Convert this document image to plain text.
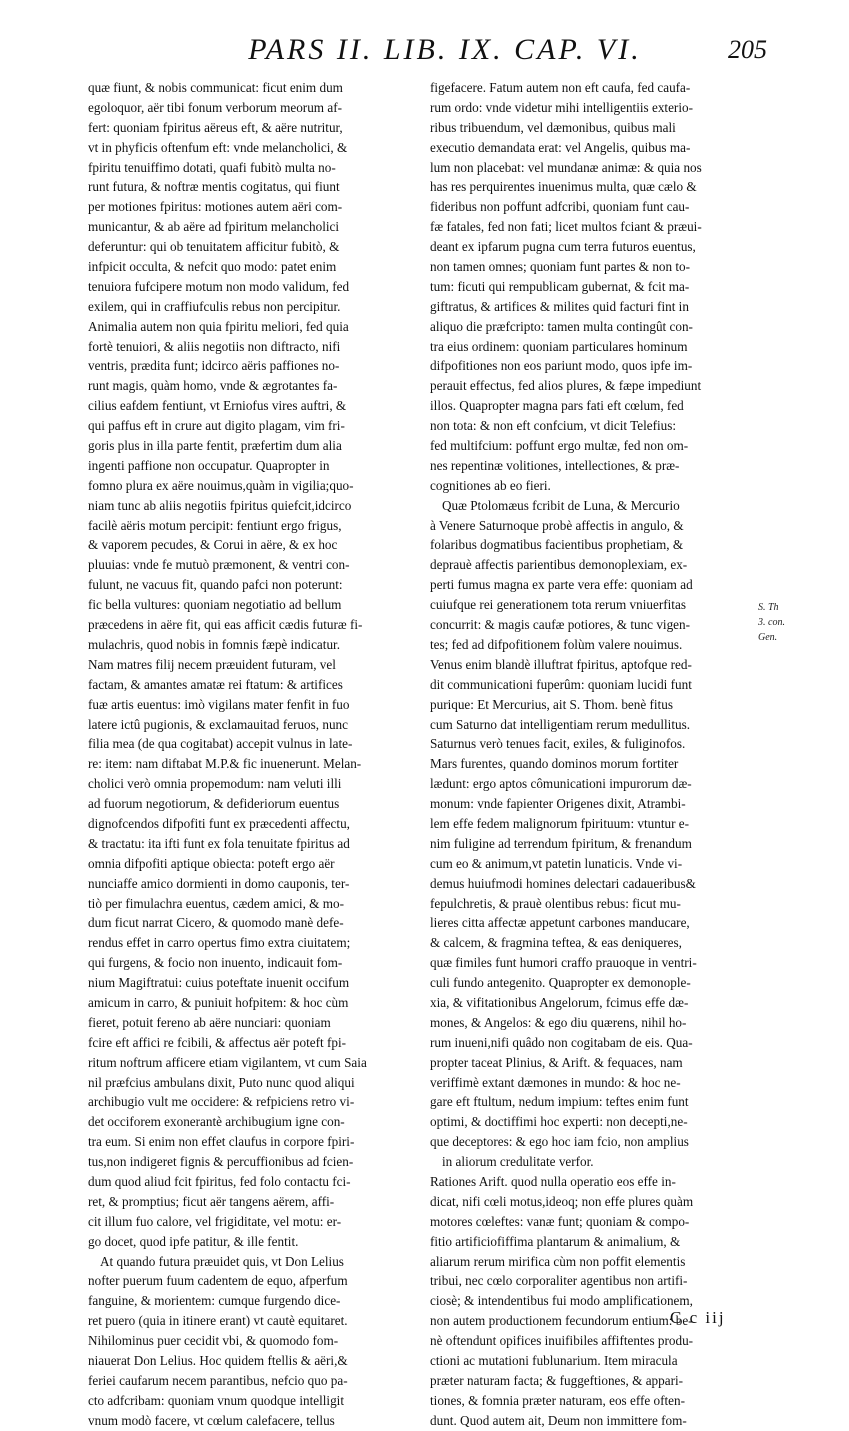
PARS II. LIB. IX. CAP. VI.	205
quæ fiunt, & nobis communicat: ficut enim dum
egoloquor, aër tibi fonum verborum meorum af-
fert: quoniam fpiritus aëreus eft, & aëre nutritur,
vt in phyficis oftenfum eft: vnde melancholici, &
fpiritu tenuiffimo dotati, quafi fubitò multa no-
runt futura, & noftræ mentis cogitatus, qui fiunt
per motiones fpiritus: motiones autem aëri com-
municantur, & ab aëre ad fpiritum melancholici
deferuntur: qui ob tenuitatem afficitur fubitò, &
infpicit occulta, & nefcit quo modo: patet enim
tenuiora fufcipere motum non modo validum, fed
exilem, qui in craffiufculis rebus non percipitur.
Animalia autem non quia fpiritu meliori, fed quia
fortè tenuiori, & aliis negotiis non diftracto, nifi
ventris, prædita funt; idcirco aëris paffiones no-
runt magis, quàm homo, vnde & ægrotantes fa-
cilius eafdem fentiunt, vt Erniofus vires auftri, &
qui paffus eft in crure aut digito plagam, vim fri-
goris plus in illa parte fentit, præfertim dum alia
ingenti paffione non occupatur. Quapropter in
fomno plura ex aëre nouimus,quàm in vigilia;quo-
niam tunc ab aliis negotiis fpiritus quiefcit,idcirco
facilè aëris motum percipit: fentiunt ergo frigus,
& vaporem pecudes, & Corui in aëre, & ex hoc
pluuias: vnde fe mutuò præmonent, & ventri con-
fulunt, ne vacuus fit, quando pafci non poterunt:
fic bella vultures: quoniam negotiatio ad bellum
præcedens in aëre fit, qui eas afficit cædis futuræ fi-
mulachris, quod nobis in fomnis fæpè indicatur.
Nam matres filij necem præuident futuram, vel
factam, & amantes amatæ rei ftatum: & artifices
fuæ artis euentus: imò vigilans mater fenfit in fuo
latere ictû pugionis, & exclamauitad feruos, nunc
filia mea (de qua cogitabat) accepit vulnus in late-
re: item: nam diftabat M.P.& fic inuenerunt. Melan-
cholici verò omnia propemodum: nam veluti illi
ad fuorum negotiorum, & defideriorum euentus
dignofcendos difpofiti funt ex præcedenti affectu,
& tractatu: ita ifti funt ex fola tenuitate fpiritus ad
omnia difpofiti aptique obiecta: poteft ergo aër
nunciaffe amico dormienti in domo cauponis, ter-
tiò per fimulachra euentus, cædem amici, & mo-
dum ficut narrat Cicero, & quomodo manè defe-
rendus effet in carro opertus fimo extra ciuitatem;
qui furgens, & focio non inuento, indicauit fom-
nium Magiftratui: cuius poteftate inuenit occifum
amicum in carro, & puniuit hofpitem: & hoc cùm
fieret, potuit fereno ab aëre nunciari: quoniam
fcire eft affici re fcibili, & affectus aër poteft fpi-
ritum noftrum afficere etiam vigilantem, vt cum Saia
nil præfcius ambulans dixit, Puto nunc quod aliqui
archibugio vult me occidere: & refpiciens retro vi-
det occiforem exonerantè archibugium igne con-
tra eum. Si enim non effet claufus in corpore fpiri-
tus,non indigeret fignis & percuffionibus ad fcien-
dum quod aliud fcit fpiritus, fed folo contactu fci-
ret, & promptius; ficut aër tangens aërem, affi-
cit illum fuo calore, vel frigiditate, vel motu: er-
go docet, quod ipfe patitur, & ille fentit.
At quando futura præuidet quis, vt Don Lelius
nofter puerum fuum cadentem de equo, afperfum
fanguine, & morientem: cumque furgendo dice-
ret puero (quia in itinere erant) vt cautè equitaret.
Nihilominus puer cecidit vbi, & quomodo fom-
niauerat Don Lelius. Hoc quidem ftellis & aëri,&
feriei caufarum necem parantibus, nefcio quo pa-
cto adfcribam: quoniam vnum quodque intelligit
vnum modò facere, vt cœlum calefacere, tellus
figefacere. Fatum autem non eft caufa, fed caufa-
rum ordo: vnde videtur mihi intelligentiis exterio-
ribus tribuendum, vel dæmonibus, quibus mali
executio demandata erat: vel Angelis, quibus ma-
lum non placebat: vel mundanæ animæ: & quia nos
has res perquirentes inuenimus multa, quæ cælo &
fideribus non poffunt adfcribi, quoniam funt cau-
fæ fatales, fed non fati; licet multos fciant & præui-
deant ex ipfarum pugna cum terra futuros euentus,
non tamen omnes; quoniam funt partes & non to-
tum: ficuti qui rempublicam gubernat, & fcit ma-
giftratus, & artifices & milites quid facturi fint in
aliquo die præfcripto: tamen multa contingût con-
tra eius ordinem: quoniam particulares hominum
difpofitiones non eos pariunt modo, quos ipfe im-
perauit effectus, fed alios plures, & fæpe impediunt
illos. Quapropter magna pars fati eft cœlum, fed
non tota: & non eft confcium, vt dicit Telefius:
fed multifcium: poffunt ergo multæ, fed non om-
nes repentinæ volitiones, intellectiones, & præ-
cognitiones ab eo fieri.
Quæ Ptolomæus fcribit de Luna, & Mercurio
à Venere Saturnoque probè affectis in angulo, &
folaribus dogmatibus facientibus prophetiam, &
deprauè affectis parientibus demonoplexiam, ex-
perti fumus magna ex parte vera effe: quoniam ad
cuiufque rei generationem tota rerum vniuerfitas
concurrit: & magis caufæ potiores, & tunc vigen-
tes; fed ad difpofitionem folùm valere nouimus.
Venus enim blandè illuftrat fpiritus, aptofque red-
dit communicationi fuperûm: quoniam lucidi funt
purique: Et Mercurius, ait S. Thom. benè fitus
cum Saturno dat intelligentiam rerum medullitus.
Saturnus verò tenues facit, exiles, & fuliginofos.
Mars furentes, quando dominos morum fortiter
lædunt: ergo aptos cômunicationi impurorum dæ-
monum: vnde fapienter Origenes dixit, Atrambi-
lem effe fedem malignorum fpirituum: vtuntur e-
nim fuligine ad terrendum fpiritum, & frenandum
cum eo & animum,vt patetin lunaticis. Vnde vi-
demus huiufmodi homines delectari cadaueribus&
fepulchretis, & prauè olentibus rebus: ficut mu-
lieres citta affectæ appetunt carbones manducare,
& calcem, & fragmina teftea, & eas deniqueres,
quæ fimiles funt humori craffo prauoque in ventri-
culi fundo antegenito. Quapropter ex demonople-
xia, & vifitationibus Angelorum, fcimus effe dæ-
mones, & Angelos: & ego diu quærens, nihil ho-
rum inueni,nifi quâdo non cogitabam de eis. Qua-
propter taceat Plinius, & Arift. & fequaces, nam
veriffimè extant dæmones in mundo: & hoc ne-
gare eft ftultum, nedum impium: teftes enim funt
optimi, & doctiffimi hoc experti: non decepti,ne-
que deceptores: & ego hoc iam fcio, non amplius
in aliorum credulitate verfor.
Rationes Arift. quod nulla operatio eos effe in-
dicat, nifi cœli motus,ideoq; non effe plures quàm
motores cœleftes: vanæ funt; quoniam & compo-
fitio artificiofiffima plantarum & animalium, &
aliarum rerum mirifica cùm non poffit elementis
tribui, nec cœlo corporaliter agentibus non artifi-
ciosè; & intendentibus fui modo amplificationem,
non autem productionem fecundorum entium: be-
nè oftendunt opifices inuifibiles affiftentes produ-
ctioni ac mutationi fublunarium. Item miracula
præter naturam facta; & fuggeftiones, & appari-
tiones, & fomnia præter naturam, eos effe often-
dunt. Quod autem ait, Deum non immittere fom-
S. Th
3. con.
Gen.
C c iij
